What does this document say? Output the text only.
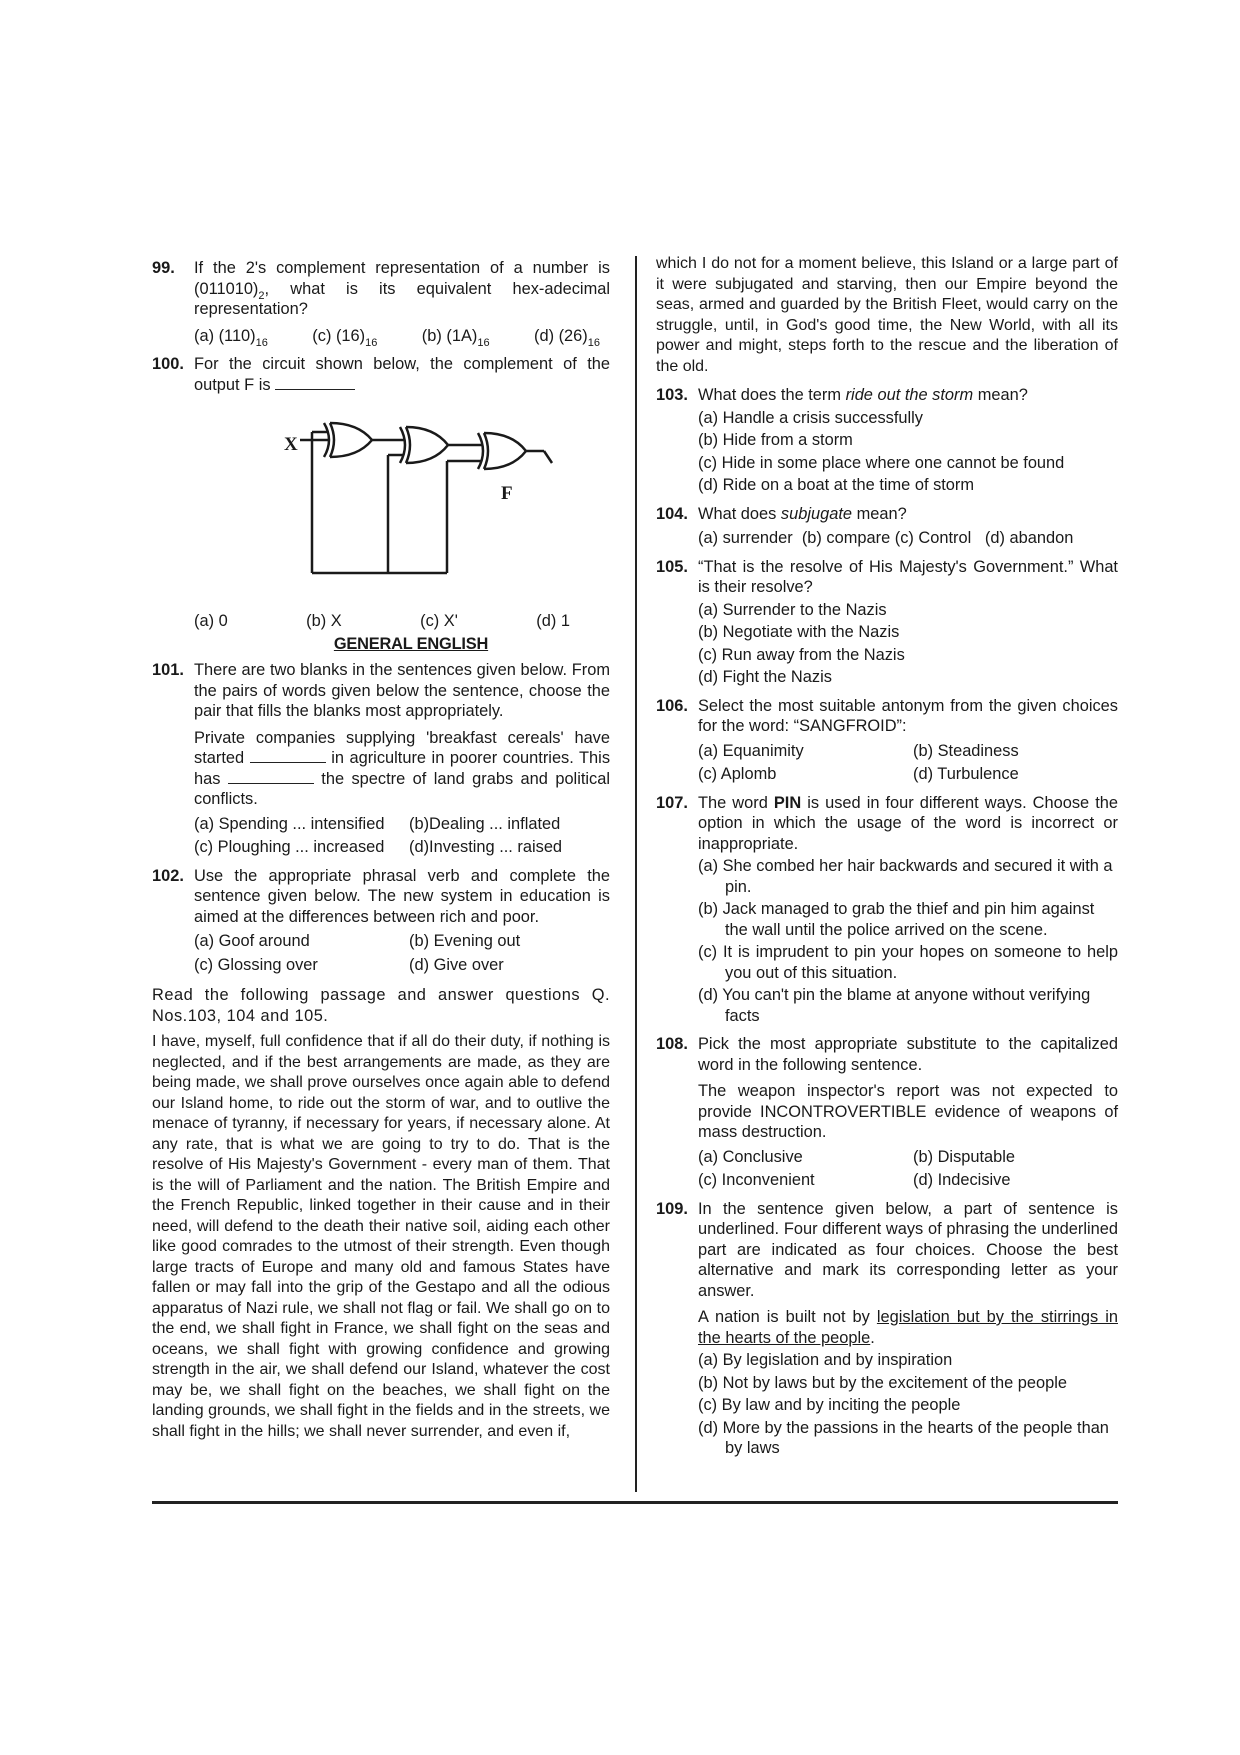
99. If the 2's complement representation of a number is $(011010)_2$, what is its equivalent hex-adecimal representation?
(a) $(110)_{16}$	(c) $(16)_{16}$	(b) $(1A)_{16}$	(d) $(26)_{16}$
100. For the circuit shown below, the complement of the output F is
X
F
(a) 0	(b) X	(c) X'	(d) 1
GENERAL ENGLISH
101. There are two blanks in the sentences given below. From the pairs of words given below the sentence, choose the pair that fills the blanks most appropriately.
Private companies supplying 'breakfast cereals' have started	in agriculture in poorer countries. This has	the spectre of land grabs and political conflicts.
(a) Spending ... intensified	(b)Dealing ... inflated
(c) Ploughing ... increased	(d)Investing ... raised
102. Use the appropriate phrasal verb and complete the sentence given below. The new system in education is aimed at the differences between rich and poor.
(a) Goof around	(b) Evening out
(c) Glossing over	(d) Give over
Read the following passage and answer questions Q. Nos.103, 104 and 105.
I have, myself, full confidence that if all do their duty, if nothing is neglected, and if the best arrangements are made, as they are being made, we shall prove ourselves once again able to defend our Island home, to ride out the storm of war, and to outlive the menace of tyranny, if necessary for years, if necessary alone. At any rate, that is what we are going to try to do. That is the resolve of His Majesty's Government - every man of them. That is the will of Parliament and the nation. The British Empire and the French Republic, linked together in their cause and in their need, will defend to the death their native soil, aiding each other like good comrades to the utmost of their strength. Even though large tracts of Europe and many old and famous States have fallen or may fall into the grip of the Gestapo and all the odious apparatus of Nazi rule, we shall not flag or fail. We shall go on to the end, we shall fight in France, we shall fight on the seas and oceans, we shall fight with growing confidence and growing strength in the air, we shall defend our Island, whatever the cost may be, we shall fight on the beaches, we shall fight on the landing grounds, we shall fight in the fields and in the streets, we shall fight in the hills; we shall never surrender, and even if,
which I do not for a moment believe, this Island or a large part of it were subjugated and starving, then our Empire beyond the seas, armed and guarded by the British Fleet, would carry on the struggle, until, in God's good time, the New World, with all its power and might, steps forth to the rescue and the liberation of the old.
103. What does the term ride out the storm mean?
(a) Handle a crisis successfully
(b) Hide from a storm
(c) Hide in some place where one cannot be found
(d) Ride on a boat at the time of storm
104. What does subjugate mean?
(a) surrender  (b) compare (c) Control   (d) abandon
105. “That is the resolve of His Majesty's Government.” What is their resolve?
(a) Surrender to the Nazis
(b) Negotiate with the Nazis
(c) Run away from the Nazis
(d) Fight the Nazis
106. Select the most suitable antonym from the given choices for the word: “SANGFROID”:
(a) Equanimity	(b) Steadiness
(c) Aplomb	(d) Turbulence
107. The word PIN is used in four different ways. Choose the option in which the usage of the word is incorrect or inappropriate.
(a) She combed her hair backwards and secured it with a pin.
(b) Jack managed to grab the thief and pin him against the wall until the police arrived on the scene.
(c) It is imprudent to pin your hopes on someone to help you out of this situation.
(d) You can't pin the blame at anyone without verifying facts
108. Pick the most appropriate substitute to the capitalized word in the following sentence.
The weapon inspector's report was not expected to provide INCONTROVERTIBLE evidence of weapons of mass destruction.
(a) Conclusive	(b) Disputable
(c) Inconvenient	(d) Indecisive
109. In the sentence given below, a part of sentence is underlined. Four different ways of phrasing the underlined part are indicated as four choices. Choose the best alternative and mark its corresponding letter as your answer.
A nation is built not by legislation but by the stirrings in the hearts of the people.
(a) By legislation and by inspiration
(b) Not by laws but by the excitement of the people
(c) By law and by inciting the people
(d) More by the passions in the hearts of the people than by laws
